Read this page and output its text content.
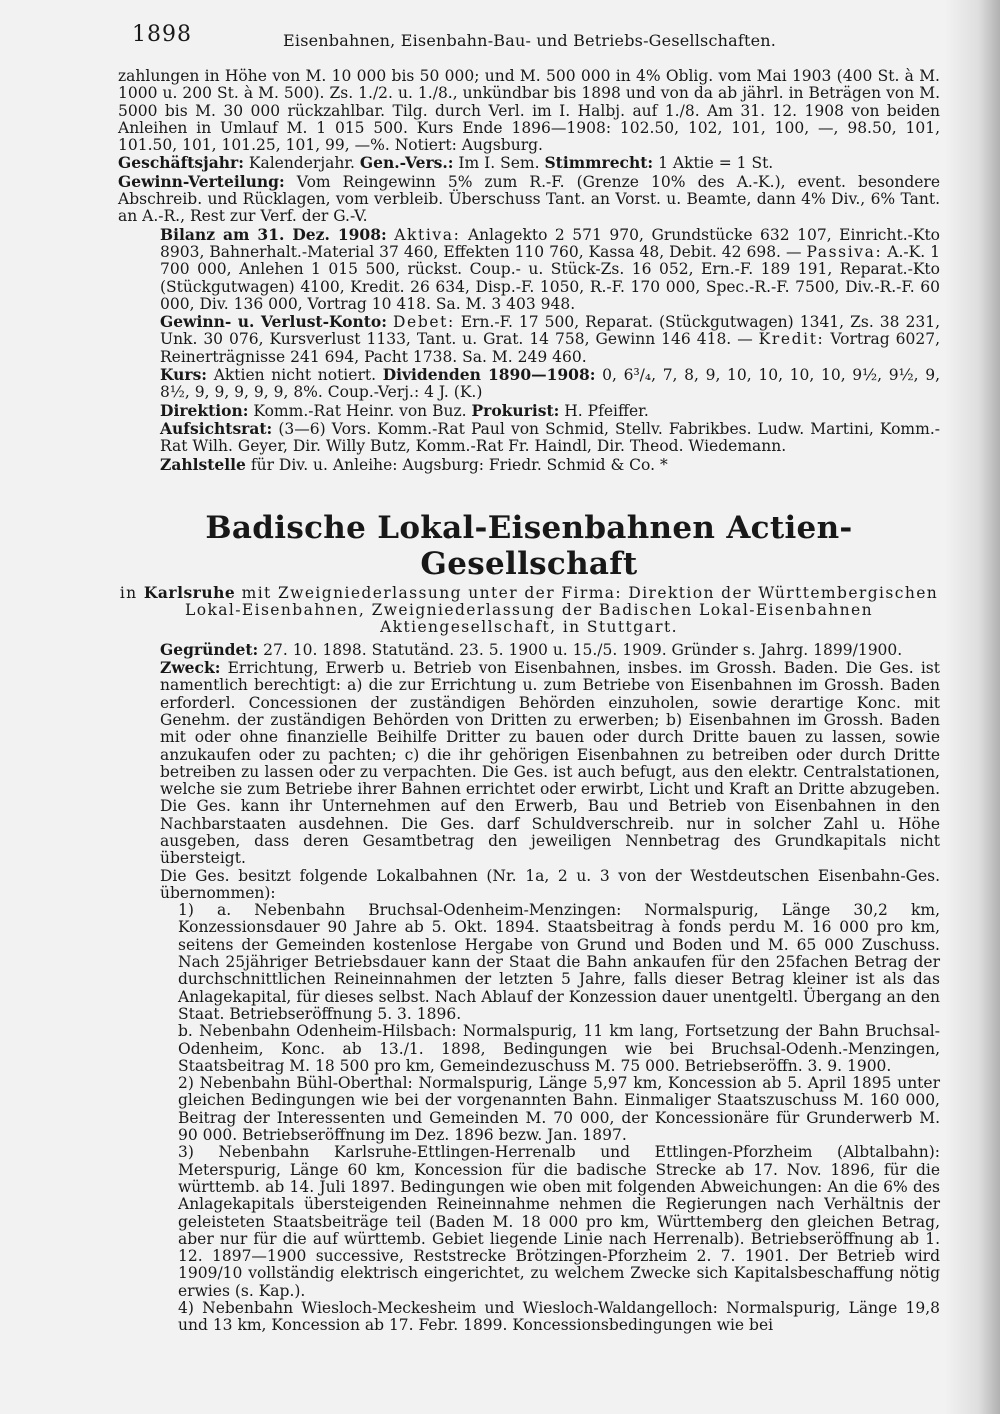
1898	Eisenbahnen, Eisenbahn-Bau- und Betriebs-Gesellschaften.

zahlungen in Höhe von M. 10 000 bis 50 000; und M. 500 000 in 4% Oblig. vom Mai 1903 (400 St. à M. 1000 u. 200 St. à M. 500). Zs. 1./2. u. 1./8., unkündbar bis 1898 und von da ab jährl. in Beträgen von M. 5000 bis M. 30 000 rückzahlbar. Tilg. durch Verl. im I. Halbj. auf 1./8. Am 31. 12. 1908 von beiden Anleihen in Umlauf M. 1 015 500. Kurs Ende 1896—1908: 102.50, 102, 101, 100, —, 98.50, 101, 101.50, 101, 101.25, 101, 99, —%. Notiert: Augsburg.

Geschäftsjahr: Kalenderjahr. Gen.-Vers.: Im I. Sem. Stimmrecht: 1 Aktie = 1 St.

Gewinn-Verteilung: Vom Reingewinn 5% zum R.-F. (Grenze 10% des A.-K.), event. besondere Abschreib. und Rücklagen, vom verbleib. Überschuss Tant. an Vorst. u. Beamte, dann 4% Div., 6% Tant. an A.-R., Rest zur Verf. der G.-V.

Bilanz am 31. Dez. 1908: Aktiva: Anlagekto 2 571 970, Grundstücke 632 107, Einricht.-Kto 8903, Bahnerhalt.-Material 37 460, Effekten 110 760, Kassa 48, Debit. 42 698. — Passiva: A.-K. 1 700 000, Anlehen 1 015 500, rückst. Coup.- u. Stück-Zs. 16 052, Ern.-F. 189 191, Reparat.-Kto (Stückgutwagen) 4100, Kredit. 26 634, Disp.-F. 1050, R.-F. 170 000, Spec.-R.-F. 7500, Div.-R.-F. 60 000, Div. 136 000, Vortrag 10 418. Sa. M. 3 403 948.

Gewinn- u. Verlust-Konto: Debet: Ern.-F. 17 500, Reparat. (Stückgutwagen) 1341, Zs. 38 231, Unk. 30 076, Kursverlust 1133, Tant. u. Grat. 14 758, Gewinn 146 418. — Kredit: Vortrag 6027, Reinerträgnisse 241 694, Pacht 1738. Sa. M. 249 460.

Kurs: Aktien nicht notiert. Dividenden 1890—1908: 0, 6³/₄, 7, 8, 9, 10, 10, 10, 10, 9½, 9½, 9, 8½, 9, 9, 9, 9, 9, 8%. Coup.-Verj.: 4 J. (K.)

Direktion: Komm.-Rat Heinr. von Buz. Prokurist: H. Pfeiffer.

Aufsichtsrat: (3—6) Vors. Komm.-Rat Paul von Schmid, Stellv. Fabrikbes. Ludw. Martini, Komm.-Rat Wilh. Geyer, Dir. Willy Butz, Komm.-Rat Fr. Haindl, Dir. Theod. Wiedemann.

Zahlstelle für Div. u. Anleihe: Augsburg: Friedr. Schmid & Co. *

Badische Lokal-Eisenbahnen Actien-Gesellschaft

in Karlsruhe mit Zweigniederlassung unter der Firma: Direktion der Württembergischen Lokal-Eisenbahnen, Zweigniederlassung der Badischen Lokal-Eisenbahnen Aktiengesellschaft, in Stuttgart.

Gegründet: 27. 10. 1898. Statutänd. 23. 5. 1900 u. 15./5. 1909. Gründer s. Jahrg. 1899/1900.

Zweck: Errichtung, Erwerb u. Betrieb von Eisenbahnen, insbes. im Grossh. Baden. Die Ges. ist namentlich berechtigt: a) die zur Errichtung u. zum Betriebe von Eisenbahnen im Grossh. Baden erforderl. Concessionen der zuständigen Behörden einzuholen, sowie derartige Konc. mit Genehm. der zuständigen Behörden von Dritten zu erwerben; b) Eisenbahnen im Grossh. Baden mit oder ohne finanzielle Beihilfe Dritter zu bauen oder durch Dritte bauen zu lassen, sowie anzukaufen oder zu pachten; c) die ihr gehörigen Eisenbahnen zu betreiben oder durch Dritte betreiben zu lassen oder zu verpachten. Die Ges. ist auch befugt, aus den elektr. Centralstationen, welche sie zum Betriebe ihrer Bahnen errichtet oder erwirbt, Licht und Kraft an Dritte abzugeben. Die Ges. kann ihr Unternehmen auf den Erwerb, Bau und Betrieb von Eisenbahnen in den Nachbarstaaten ausdehnen. Die Ges. darf Schuldverschreib. nur in solcher Zahl u. Höhe ausgeben, dass deren Gesamtbetrag den jeweiligen Nennbetrag des Grundkapitals nicht übersteigt.

Die Ges. besitzt folgende Lokalbahnen (Nr. 1a, 2 u. 3 von der Westdeutschen Eisenbahn-Ges. übernommen):

1) a. Nebenbahn Bruchsal-Odenheim-Menzingen: Normalspurig, Länge 30,2 km, Konzessionsdauer 90 Jahre ab 5. Okt. 1894. Staatsbeitrag à fonds perdu M. 16 000 pro km, seitens der Gemeinden kostenlose Hergabe von Grund und Boden und M. 65 000 Zuschuss. Nach 25jähriger Betriebsdauer kann der Staat die Bahn ankaufen für den 25fachen Betrag der durchschnittlichen Reineinnahmen der letzten 5 Jahre, falls dieser Betrag kleiner ist als das Anlagekapital, für dieses selbst. Nach Ablauf der Konzession dauer unentgeltl. Übergang an den Staat. Betriebseröffnung 5. 3. 1896.

b. Nebenbahn Odenheim-Hilsbach: Normalspurig, 11 km lang, Fortsetzung der Bahn Bruchsal-Odenheim, Konc. ab 13./1. 1898, Bedingungen wie bei Bruchsal-Odenh.-Menzingen, Staatsbeitrag M. 18 500 pro km, Gemeindezuschuss M. 75 000. Betriebseröffn. 3. 9. 1900.

2) Nebenbahn Bühl-Oberthal: Normalspurig, Länge 5,97 km, Koncession ab 5. April 1895 unter gleichen Bedingungen wie bei der vorgenannten Bahn. Einmaliger Staatszuschuss M. 160 000, Beitrag der Interessenten und Gemeinden M. 70 000, der Koncessionäre für Grunderwerb M. 90 000. Betriebseröffnung im Dez. 1896 bezw. Jan. 1897.

3) Nebenbahn Karlsruhe-Ettlingen-Herrenalb und Ettlingen-Pforzheim (Albtalbahn): Meterspurig, Länge 60 km, Koncession für die badische Strecke ab 17. Nov. 1896, für die württemb. ab 14. Juli 1897. Bedingungen wie oben mit folgenden Abweichungen: An die 6% des Anlagekapitals übersteigenden Reineinnahme nehmen die Regierungen nach Verhältnis der geleisteten Staatsbeiträge teil (Baden M. 18 000 pro km, Württemberg den gleichen Betrag, aber nur für die auf württemb. Gebiet liegende Linie nach Herrenalb). Betriebseröffnung ab 1. 12. 1897—1900 successive, Reststrecke Brötzingen-Pforzheim 2. 7. 1901. Der Betrieb wird 1909/10 vollständig elektrisch eingerichtet, zu welchem Zwecke sich Kapitalsbeschaffung nötig erwies (s. Kap.).

4) Nebenbahn Wiesloch-Meckesheim und Wiesloch-Waldangelloch: Normalspurig, Länge 19,8 und 13 km, Koncession ab 17. Febr. 1899. Koncessionsbedingungen wie bei
